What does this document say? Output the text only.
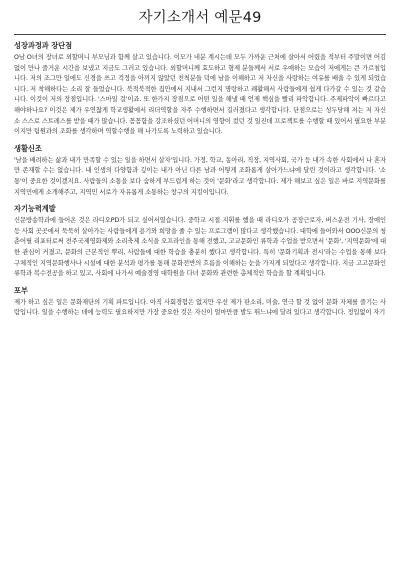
자기소개서 예문49
성장과정과 장단점

O남 O녀의 장녀로 외할머니 부모님과 함께 살고 있습니다. 이모가 네분 계시는데 모두 가까운 근처에 살아서 어렸을 적부터 주말이면 어김없이 만나 즐거운 시간을 보냈고 지금도 그러고 있습니다. 외할머니께 효도하고 형제 분들께서 서로 우애하는 모습이 저에게는 큰 가르침입니다. 저의 조그만 일에도 신경을 쓰고 걱정을 아끼지 않았던 친척분들 덕에 남을 이해하고 저 자신을 사랑하는 여유를 배울 수 있게 되었습니다. 저 착해하다는 소리 잘 들었습니다. 북적북적한 집안에서 지내서 그런지 명랑하고 쾌활해서 사람들에게 쉽게 다가갈 수 있는 것 같습니다. 이것이 저의 장점입니다. '스마일 걸'이죠. 또 한가지 장점으로 어떤 일을 해낼 때 언제 핵심을 빨리 파악합니다. 주제파악이 빠르다고 해야하나요? 이것은 제가 우연찮게 학교생활에서 리더역할을 자주 수행하면서 길러졌다고 생각합니다. 단점으로는 성두당해 저는 저 자신 소 스스로 스트레스를 받을 때가 많습니다. 꼼꼼함을 강조하셨던 어머니의 영향이 컸던 것 일진데 프로젝트를 수행할 때 있어서 필요한 부분이지만 팀원과의 조화를 생각하며 역할수행을 해 나가도록 노력하고 있습니다.

생활신조

'남을 배려하는 삶과 내가 만족할 수 있는 일을 하면서 살자'입니다. 가정, 학교, 동아리, 직장, 지역사회, 국가 등 내가 속한 사회에서 나 혼자만 존재할 수는 없습니다. 내 인생의 다양함과 깊이는 내가 아닌 다른 남과 어떻게 조화롭게 살아가느냐에 달린 것이라고 생각합니다. '소통'이 중요한 것이겠지요. 사람들의 소통을 보다 숨하게 부드럽게 하는 것이 '문화'라고 생각합니다. 제가 해보고 싶은 일은 바로 지역문화를 지역민에게 소개해주고, 지역민 서로가 자유롭게 소통하는 창구의 지킴이입니다.

자기능력계발

신문방송학과에 들어온 것은 라디오PD가 되고 싶어서였습니다. 중학교 시절 지휘를 했을 때 라디오가 공장근로자, 버스운전 기사, 장애인 등 사회 곳곳에서 묵묵히 살아가는 사람들에게 용기와 희망을 줄 수 있는 프로그램이 많다고 생각했습니다. 대학에 들어와서 OOO신문의 청춘어릴 리포터로써 전주국제영화제와 소리축제 소식을 오프라인을 통해 전했고, 고교문화인 류학과 수업을 받으면서 '문화', '지역문화'에 대한 관심이 커졌고, 문화의 근본적인 뿌리, 사람들에 대한 학습을 충분히 했다고 생각합니다. 특히 '문화기획과 전시'라는 수업을 통해 보다 구체적인 지역문화행사나 시설에 대한 분석과 평가를 통해 문화전반의 흐름을 이해하는 눈을 가지게 되었다고 생각합니다. 지금 고고문화인류학과 복수전공을 하고 있고, 사회에 나가서 예술경영 대학원을 다녀 문화와 관련한 총체적인 학습을 할 계획입니다.

포부

제가 하고 싶은 일은 문화재단의 기획 파트입니다. 아직 사회경험은 없지만 우선 제가 판소리, 미술, 연극 할 것 없이 문화 자체를 즐기는 사람입니다. 일을 수행하는 데에 능력도 필요하지만 가장 중요한 것은 자신이 얼마만큼 발도 뛰느냐에 달려 있다고 생각합니다. 정입없이 자기
